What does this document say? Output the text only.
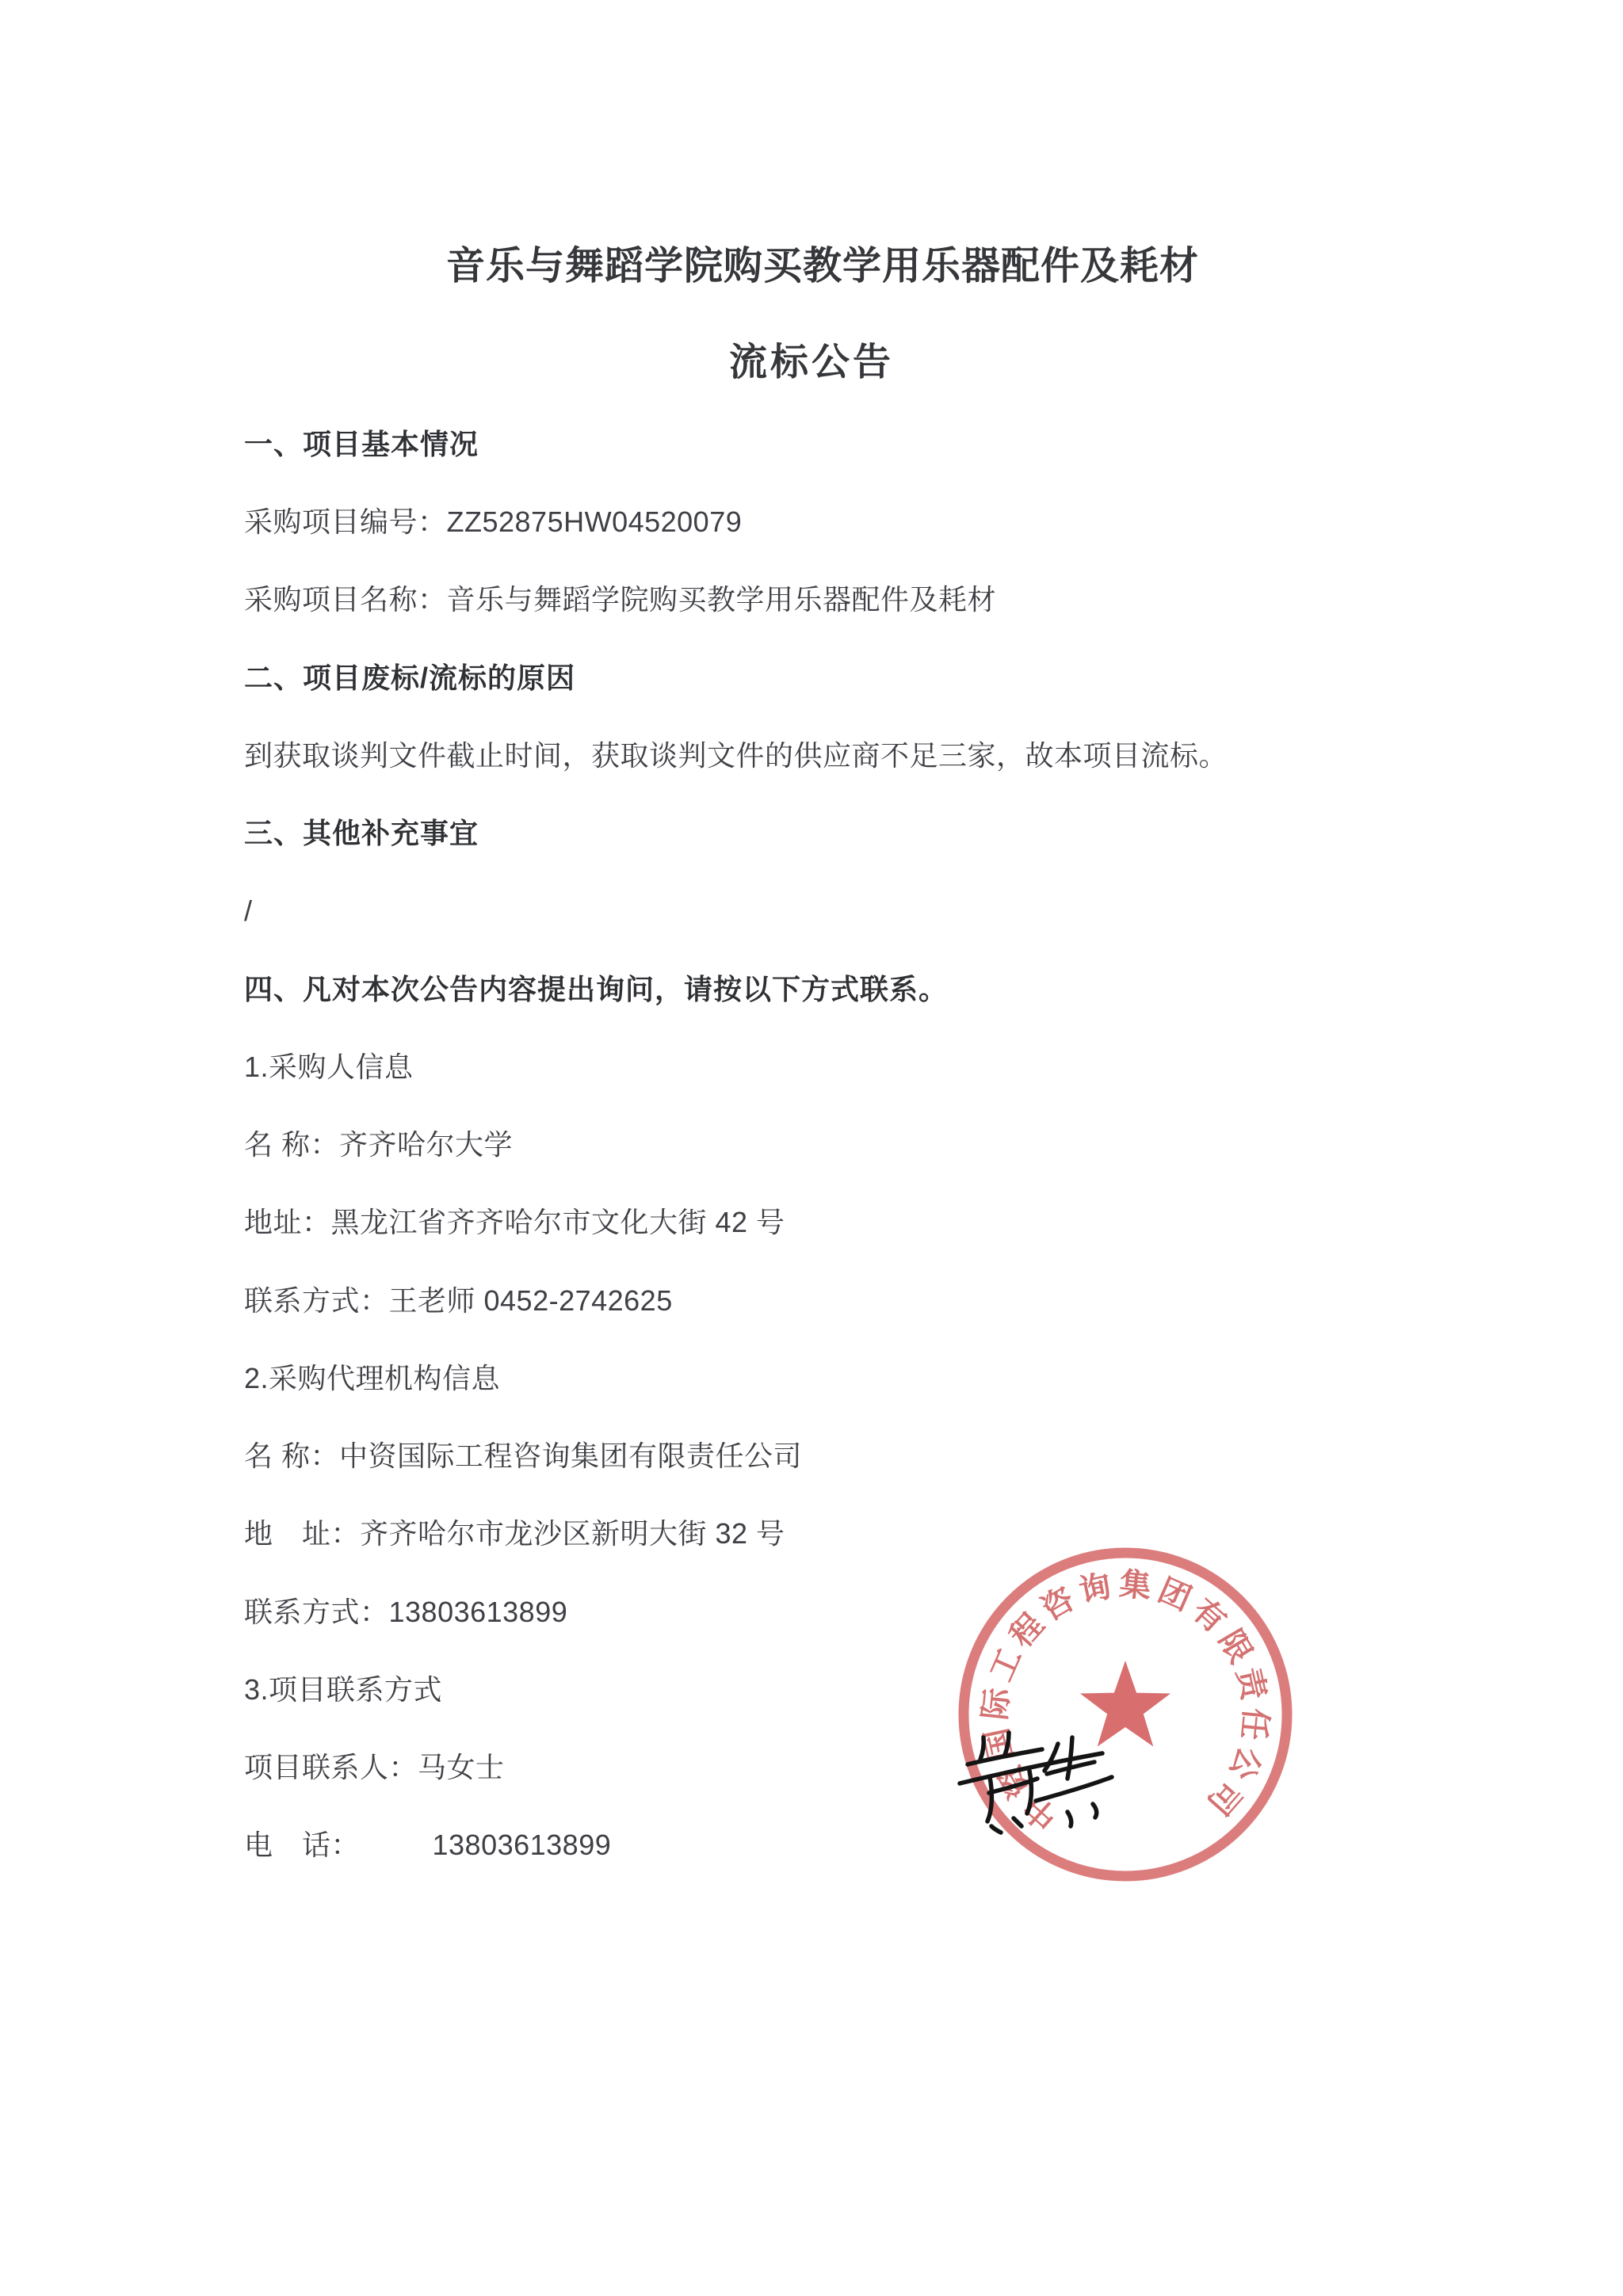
音乐与舞蹈学院购买教学用乐器配件及耗材
流标公告
一、项目基本情况
采购项目编号：ZZ52875HW04520079
采购项目名称：音乐与舞蹈学院购买教学用乐器配件及耗材
二、项目废标/流标的原因
到获取谈判文件截止时间，获取谈判文件的供应商不足三家，故本项目流标。
三、其他补充事宜
/
四、凡对本次公告内容提出询问，请按以下方式联系。
1.采购人信息
名 称：齐齐哈尔大学
地址：黑龙江省齐齐哈尔市文化大街 42 号
联系方式：王老师 0452-2742625
2.采购代理机构信息
名 称：中资国际工程咨询集团有限责任公司
地　址：齐齐哈尔市龙沙区新明大街 32 号
联系方式：13803613899
3.项目联系方式
项目联系人：马女士
电　话：　　　13803613899
中资国际工程咨询集团有限责任公司
